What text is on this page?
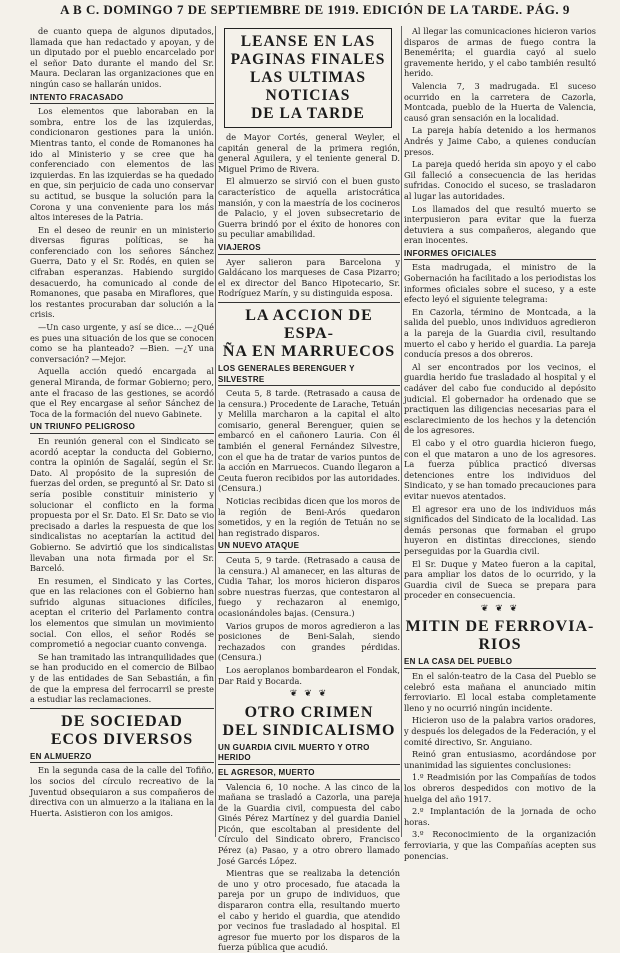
A B C. DOMINGO 7 DE SEPTIEMBRE DE 1919. EDICIÓN DE LA TARDE. PÁG. 9

de cuanto quepa de algunos diputados, llamada que han redactado y apoyan, y de un diputado por el pueblo encarcelado por el señor Dato durante el mando del Sr. Maura. Declaran las organizaciones que en ningún caso se hallarán unidos.

INTENTO FRACASADO

Los elementos que laboraban en la sombra, entre los de las izquierdas, condicionaron gestiones para la unión. Mientras tanto, el conde de Romanones ha ido al Ministerio y se cree que ha conferenciado con elementos de las izquierdas. En las izquierdas se ha quedado en que, sin perjuicio de cada uno conservar su actitud, se busque la solución para la Corona y una conveniente para los más altos intereses de la Patria.

En el deseo de reunir en un ministerio diversas figuras políticas, se ha conferenciado con los señores Sánchez Guerra, Dato y el Sr. Rodés, en quien se cifraban esperanzas. Habiendo surgido desacuerdo, ha comunicado al conde de Romanones, que pasaba en Miraflores, que los restantes procuraban dar solución a la crisis.

—Un caso urgente, y así se dice... —¿Qué es pues una situación de los que se conocen como se ha planteado? —Bien. —¿Y una conversación? —Mejor.

Aquella acción quedó encargada al general Miranda, de formar Gobierno; pero, ante el fracaso de las gestiones, se acordó que el Rey encargase al señor Sánchez de Toca de la formación del nuevo Gabinete.

UN TRIUNFO PELIGROSO

En reunión general con el Sindicato se acordó aceptar la conducta del Gobierno, contra la opinión de Sagaláí, según el Sr. Dato. Al propósito de la supresión de fuerzas del orden, se preguntó al Sr. Dato si sería posible constituir ministerio y solucionar el conflicto en la forma propuesta por el Sr. Dato. El Sr. Dato se vio precisado a darles la respuesta de que los sindicalistas no aceptarían la actitud del Gobierno. Se advirtió que los sindicalistas llevaban una nota firmada por el Sr. Barceló.

En resumen, el Sindicato y las Cortes, que en las relaciones con el Gobierno han sufrido algunas situaciones difíciles, aceptan el criterio del Parlamento contra los elementos que simulan un movimiento social. Con ellos, el señor Rodés se comprometió a negociar cuanto convenga.

Se han tramitado las intranquilidades que se han producido en el comercio de Bilbao y de las entidades de San Sebastián, a fin de que la empresa del ferrocarril se preste a estudiar las reclamaciones.

DE SOCIEDAD
ECOS DIVERSOS
EN ALMUERZO

En la segunda casa de la calle del Tofiño, los socios del círculo recreativo de la Juventud obsequiaron a sus compañeros de directiva con un almuerzo a la italiana en la Huerta. Asistieron con los amigos.

LEANSE EN LAS
PAGINAS FINALES
LAS ULTIMAS
NOTICIAS
DE LA TARDE

de Mayor Cortés, general Weyler, el capitán general de la primera región, general Aguilera, y el teniente general D. Miguel Primo de Rivera.

El almuerzo se sirvió con el buen gusto característico de aquella aristocrática mansión, y con la maestría de los cocineros de Palacio, y el joven subsecretario de Guerra brindó por el éxito de honores con su peculiar amabilidad.

VIAJEROS

Ayer salieron para Barcelona y Galdácano los marqueses de Casa Pizarro; el ex director del Banco Hipotecario, Sr. Rodríguez Marín, y su distinguida esposa.

LA ACCION DE ESPA-
ÑA EN MARRUECOS
LOS GENERALES BERENGUER Y SILVESTRE

Ceuta 5, 8 tarde. (Retrasado a causa de la censura.) Procedente de Larache, Tetuán y Melilla marcharon a la capital el alto comisario, general Berenguer, quien se embarcó en el cañonero Lauria. Con él también el general Fernández Silvestre, con el que ha de tratar de varios puntos de la acción en Marruecos. Cuando llegaron a Ceuta fueron recibidos por las autoridades. (Censura.)

Noticias recibidas dicen que los moros de la región de Beni-Arós quedaron sometidos, y en la región de Tetuán no se han registrado disparos.

UN NUEVO ATAQUE

Ceuta 5, 9 tarde. (Retrasado a causa de la censura.) Al amanecer, en las alturas de Cudia Tahar, los moros hicieron disparos sobre nuestras fuerzas, que contestaron al fuego y rechazaron al enemigo, ocasionándoles bajas. (Censura.)

Varios grupos de moros agredieron a las posiciones de Beni-Salah, siendo rechazados con grandes pérdidas. (Censura.)

Los aeroplanos bombardearon el Fondak, Dar Raid y Bocarda.

❦ ❦ ❦
OTRO CRIMEN
DEL SINDICALISMO
UN GUARDIA CIVIL MUERTO Y OTRO HERIDO
EL AGRESOR, MUERTO

Valencia 6, 10 noche. A las cinco de la mañana se trasladó a Cazorla, una pareja de la Guardia civil, compuesta del cabo Ginés Pérez Martínez y del guardia Daniel Picón, que escoltaban al presidente del Círculo del Sindicato obrero, Francisco Pérez (a) Pasao, y a otro obrero llamado José Garcés López.

Mientras que se realizaba la detención de uno y otro procesado, fue atacada la pareja por un grupo de individuos, que dispararon contra ella, resultando muerto el cabo y herido el guardia, que atendido por vecinos fue trasladado al hospital. El agresor fue muerto por los disparos de la fuerza pública que acudió.

Al llegar las comunicaciones hicieron varios disparos de armas de fuego contra la Benemérita; el guardia cayó al suelo gravemente herido, y el cabo también resultó herido.

Valencia 7, 3 madrugada. El suceso ocurrido en la carretera de Cazorla, Montcada, pueblo de la Huerta de Valencia, causó gran sensación en la localidad.

La pareja había detenido a los hermanos Andrés y Jaime Cabo, a quienes conducían presos.

La pareja quedó herida sin apoyo y el cabo Gil falleció a consecuencia de las heridas sufridas. Conocido el suceso, se trasladaron al lugar las autoridades.

Los llamados del que resultó muerto se interpusieron para evitar que la fuerza detuviera a sus compañeros, alegando que eran inocentes.

INFORMES OFICIALES

Esta madrugada, el ministro de la Gobernación ha facilitado a los periodistas los informes oficiales sobre el suceso, y a este efecto leyó el siguiente telegrama:

En Cazorla, término de Montcada, a la salida del pueblo, unos individuos agredieron a la pareja de la Guardia civil, resultando muerto el cabo y herido el guardia. La pareja conducía presos a dos obreros.

Al ser encontrados por los vecinos, el guardia herido fue trasladado al hospital y el cadáver del cabo fue conducido al depósito judicial. El gobernador ha ordenado que se practiquen las diligencias necesarias para el esclarecimiento de los hechos y la detención de los agresores.

El cabo y el otro guardia hicieron fuego, con el que mataron a uno de los agresores. La fuerza pública practicó diversas detenciones entre los individuos del Sindicato, y se han tomado precauciones para evitar nuevos atentados.

El agresor era uno de los individuos más significados del Sindicato de la localidad. Las demás personas que formaban el grupo huyeron en distintas direcciones, siendo perseguidas por la Guardia civil.

El Sr. Duque y Mateo fueron a la capital, para ampliar los datos de lo ocurrido, y la Guardia civil de Sueca se prepara para proceder en consecuencia.

❦ ❦ ❦
MITIN DE FERROVIA-
RIOS
EN LA CASA DEL PUEBLO

En el salón-teatro de la Casa del Pueblo se celebró esta mañana el anunciado mitin ferroviario. El local estaba completamente lleno y no ocurrió ningún incidente.

Hicieron uso de la palabra varios oradores, y después los delegados de la Federación, y el comité directivo, Sr. Anguiano.

Reinó gran entusiasmo, acordándose por unanimidad las siguientes conclusiones:

1.º Readmisión por las Compañías de todos los obreros despedidos con motivo de la huelga del año 1917.

2.º Implantación de la jornada de ocho horas.

3.º Reconocimiento de la organización ferroviaria, y que las Compañías acepten sus ponencias.
